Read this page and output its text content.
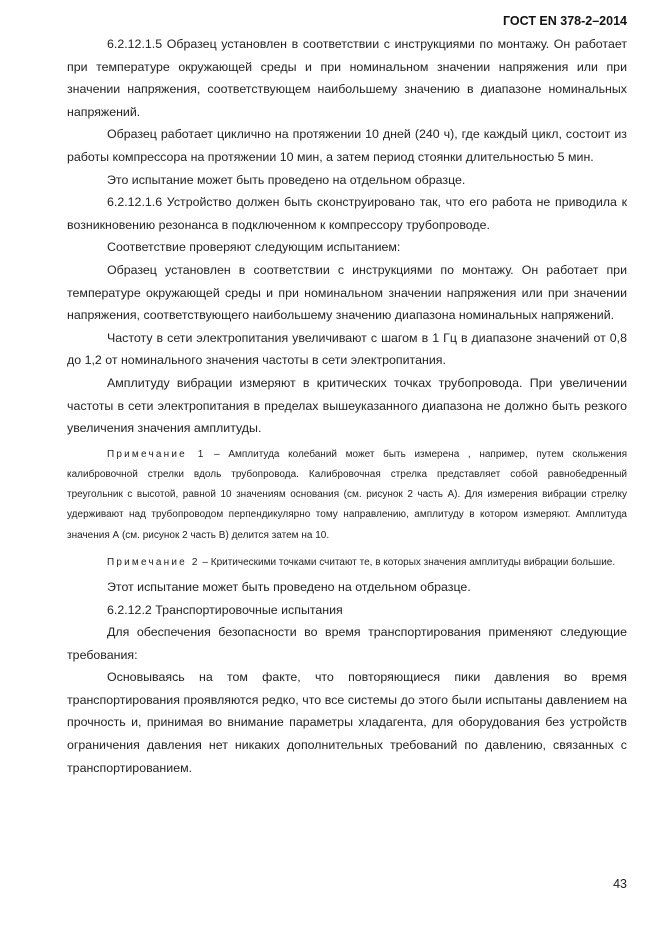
ГОСТ EN 378-2–2014

6.2.12.1.5 Образец установлен в соответствии с инструкциями по монтажу. Он работает при температуре окружающей среды и при номинальном значении напряжения или при значении напряжения, соответствующем наибольшему значению в диапазоне номинальных напряжений.

Образец работает циклично на протяжении 10 дней (240 ч), где каждый цикл, состоит из работы компрессора на протяжении 10 мин, а затем период стоянки длительностью 5 мин.

Это испытание может быть проведено на отдельном образце.

6.2.12.1.6 Устройство должен быть сконструировано так, что его работа не приводила к возникновению резонанса в подключенном к компрессору трубопроводе.

Соответствие проверяют следующим испытанием:

Образец установлен в соответствии с инструкциями по монтажу. Он работает при температуре окружающей среды и при номинальном значении напряжения или при значении напряжения, соответствующего наибольшему значению диапазона номинальных напряжений.

Частоту в сети электропитания увеличивают с шагом в 1 Гц в диапазоне значений от 0,8 до 1,2 от номинального значения частоты в сети электропитания.

Амплитуду вибрации измеряют в критических точках трубопровода. При увеличении частоты в сети электропитания в пределах вышеуказанного диапазона не должно быть резкого увеличения значения амплитуды.

Примечание 1 – Амплитуда колебаний может быть измерена , например, путем скольжения калибровочной стрелки вдоль трубопровода. Калибровочная стрелка представляет собой равнобедренный треугольник с высотой, равной 10 значениям основания (см. рисунок 2 часть А). Для измерения вибрации стрелку удерживают над трубопроводом перпендикулярно тому направлению, амплитуду в котором измеряют. Амплитуда значения А (см. рисунок 2 часть В) делится затем на 10.

Примечание 2 – Критическими точками считают те, в которых значения амплитуды вибрации большие.

Этот испытание может быть проведено на отдельном образце.

6.2.12.2 Транспортировочные испытания

Для обеспечения безопасности во время транспортирования применяют следующие требования:

Основываясь на том факте, что повторяющиеся пики давления во время транспортирования проявляются редко, что все системы до этого были испытаны давлением на прочность и, принимая во внимание параметры хладагента, для оборудования без устройств ограничения давления нет никаких дополнительных требований по давлению, связанных с транспортированием.

43
